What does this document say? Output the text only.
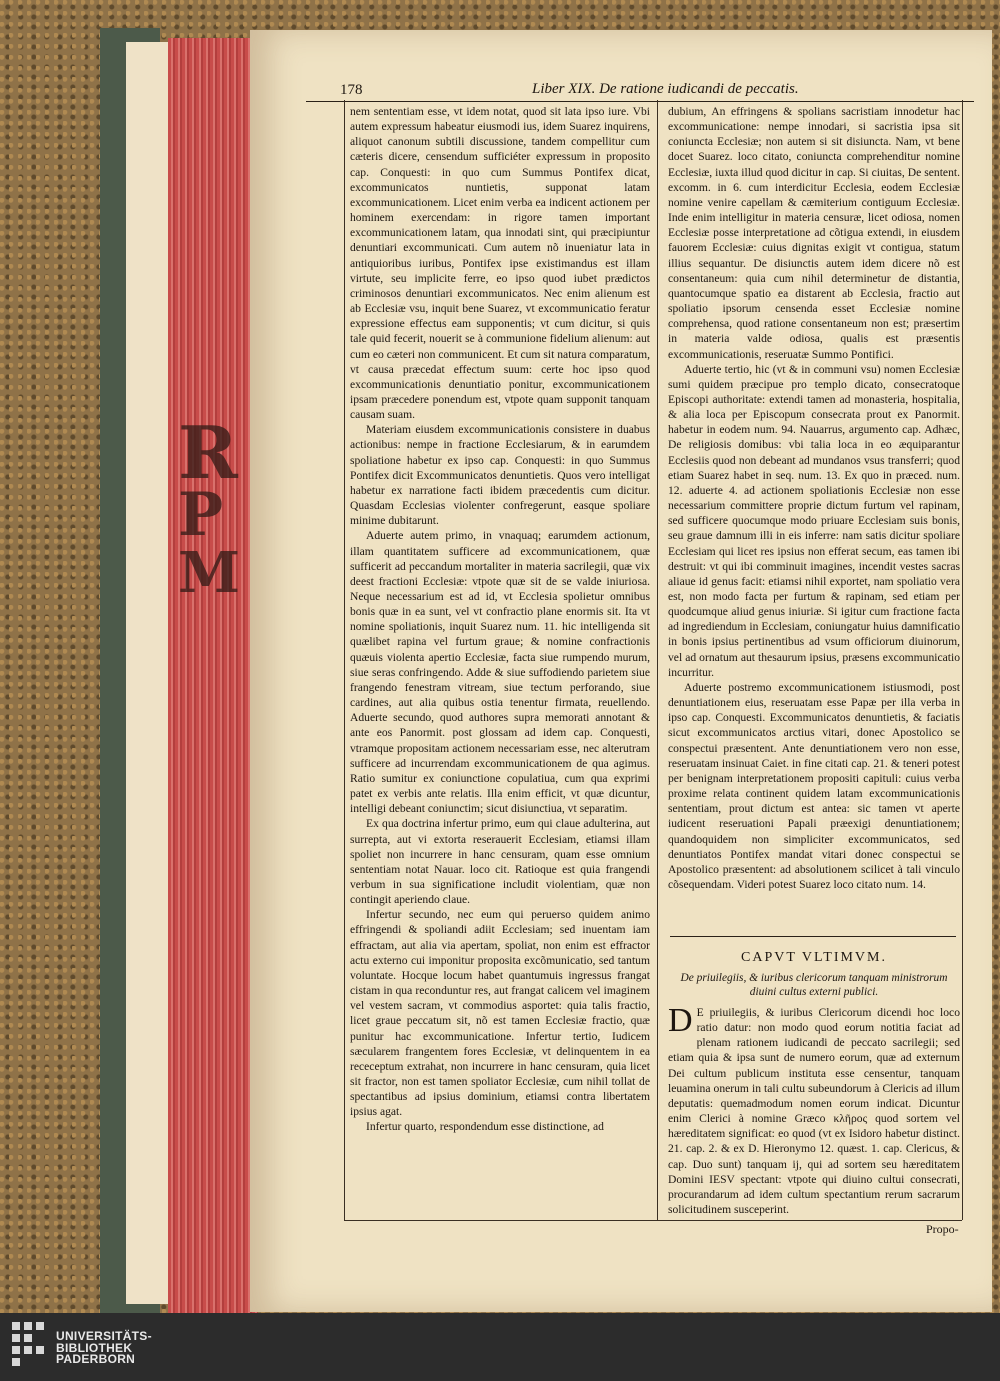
R
P
M
178	Liber XIX. De ratione iudicandi de peccatis.

nem sententiam esse, vt idem notat, quod sit lata ipso iure. Vbi autem expressum habeatur eiusmodi ius, idem Suarez inquirens, aliquot canonum subtili discussione, tandem compellitur cum cæteris dicere, censendum sufficiéter expressum in proposito cap. Conquesti: in quo cum Summus Pontifex dicat, excommunicatos nuntietis, supponat latam excommunicationem. Licet enim verba ea indicent actionem per hominem exercendam: in rigore tamen important excommunicationem latam, qua innodati sint, qui præcipiuntur denuntiari excommunicati. Cum autem nõ inueniatur lata in antiquioribus iuribus, Pontifex ipse existimandus est illam virtute, seu implicite ferre, eo ipso quod iubet prædictos criminosos denuntiari excommunicatos. Nec enim alienum est ab Ecclesiæ vsu, inquit bene Suarez, vt excommunicatio feratur expressione effectus eam supponentis; vt cum dicitur, si quis tale quid fecerit, nouerit se à communione fidelium alienum: aut cum eo cæteri non communicent. Et cum sit natura comparatum, vt causa præcedat effectum suum: certe hoc ipso quod excommunicationis denuntiatio ponitur, excommunicationem ipsam præcedere ponendum est, vtpote quam supponit tanquam causam suam.

Materiam eiusdem excommunicationis consistere in duabus actionibus: nempe in fractione Ecclesiarum, & in earumdem spoliatione habetur ex ipso cap. Conquesti: in quo Summus Pontifex dicit Excommunicatos denuntietis. Quos vero intelligat habetur ex narratione facti ibidem præcedentis cum dicitur. Quasdam Ecclesias violenter confregerunt, easque spoliare minime dubitarunt.

Aduerte autem primo, in vnaquaq; earumdem actionum, illam quantitatem sufficere ad excommunicationem, quæ sufficerit ad peccandum mortaliter in materia sacrilegii, quæ vix deest fractioni Ecclesiæ: vtpote quæ sit de se valde iniuriosa. Neque necessarium est ad id, vt Ecclesia spolietur omnibus bonis quæ in ea sunt, vel vt confractio plane enormis sit. Ita vt nomine spoliationis, inquit Suarez num. 11. hic intelligenda sit quælibet rapina vel furtum graue; & nomine confractionis quæuis violenta apertio Ecclesiæ, facta siue rumpendo murum, siue seras confringendo. Adde & siue suffodiendo parietem siue frangendo fenestram vitream, siue tectum perforando, siue cardines, aut alia quibus ostia tenentur firmata, reuellendo. Aduerte secundo, quod authores supra memorati annotant & ante eos Panormit. post glossam ad idem cap. Conquesti, vtramque propositam actionem necessariam esse, nec alterutram sufficere ad incurrendam excommunicationem de qua agimus. Ratio sumitur ex coniunctione copulatiua, cum qua exprimi patet ex verbis ante relatis. Illa enim efficit, vt quæ dicuntur, intelligi debeant coniunctim; sicut disiunctiua, vt separatim.

Ex qua doctrina infertur primo, eum qui claue adulterina, aut surrepta, aut vi extorta reserauerit Ecclesiam, etiamsi illam spoliet non incurrere in hanc censuram, quam esse omnium sententiam notat Nauar. loco cit. Ratioque est quia frangendi verbum in sua significatione includit violentiam, quæ non contingit aperiendo claue.

Infertur secundo, nec eum qui peruerso quidem animo effringendi & spoliandi adiit Ecclesiam; sed inuentam iam effractam, aut alia via apertam, spoliat, non enim est effractor actu externo cui imponitur proposita excõmunicatio, sed tantum voluntate. Hocque locum habet quantumuis ingressus frangat cistam in qua reconduntur res, aut frangat calicem vel imaginem vel vestem sacram, vt commodius asportet: quia talis fractio, licet graue peccatum sit, nõ est tamen Ecclesiæ fractio, quæ punitur hac excommunicatione. Infertur tertio, Iudicem sæcularem frangentem fores Ecclesiæ, vt delinquentem in ea receceptum extrahat, non incurrere in hanc censuram, quia licet sit fractor, non est tamen spoliator Ecclesiæ, cum nihil tollat de spectantibus ad ipsius dominium, etiamsi contra libertatem ipsius agat.

Infertur quarto, respondendum esse distinctione, ad

dubium, An effringens & spolians sacristiam innodetur hac excommunicatione: nempe innodari, si sacristia ipsa sit coniuncta Ecclesiæ; non autem si sit disiuncta. Nam, vt bene docet Suarez. loco citato, coniuncta comprehenditur nomine Ecclesiæ, iuxta illud quod dicitur in cap. Si ciuitas, De sentent. excomm. in 6. cum interdicitur Ecclesia, eodem Ecclesiæ nomine venire capellam & cæmiterium contiguum Ecclesiæ. Inde enim intelligitur in materia censuræ, licet odiosa, nomen Ecclesiæ posse interpretatione ad cõtigua extendi, in eiusdem fauorem Ecclesiæ: cuius dignitas exigit vt contigua, statum illius sequantur. De disiunctis autem idem dicere nõ est consentaneum: quia cum nihil determinetur de distantia, quantocumque spatio ea distarent ab Ecclesia, fractio aut spoliatio ipsorum censenda esset Ecclesiæ nomine comprehensa, quod ratione consentaneum non est; præsertim in materia valde odiosa, qualis est præsentis excommunicationis, reseruatæ Summo Pontifici.

Aduerte tertio, hic (vt & in communi vsu) nomen Ecclesiæ sumi quidem præcipue pro templo dicato, consecratoque Episcopi authoritate: extendi tamen ad monasteria, hospitalia, & alia loca per Episcopum consecrata prout ex Panormit. habetur in eodem num. 94. Nauarrus, argumento cap. Adhæc, De religiosis domibus: vbi talia loca in eo æquiparantur Ecclesiis quod non debeant ad mundanos vsus transferri; quod etiam Suarez habet in seq. num. 13. Ex quo in præced. num. 12. aduerte 4. ad actionem spoliationis Ecclesiæ non esse necessarium committere proprie dictum furtum vel rapinam, sed sufficere quocumque modo priuare Ecclesiam suis bonis, seu graue damnum illi in eis inferre: nam satis dicitur spoliare Ecclesiam qui licet res ipsius non efferat secum, eas tamen ibi destruit: vt qui ibi comminuit imagines, incendit vestes sacras aliaue id genus facit: etiamsi nihil exportet, nam spoliatio vera est, non modo facta per furtum & rapinam, sed etiam per quodcumque aliud genus iniuriæ. Si igitur cum fractione facta ad ingrediendum in Ecclesiam, coniungatur huius damnificatio in bonis ipsius pertinentibus ad vsum officiorum diuinorum, vel ad ornatum aut thesaurum ipsius, præsens excommunicatio incurritur.

Aduerte postremo excommunicationem istiusmodi, post denuntiationem eius, reseruatam esse Papæ per illa verba in ipso cap. Conquesti. Excommunicatos denuntietis, & faciatis sicut excommunicatos arctius vitari, donec Apostolico se conspectui præsentent. Ante denuntiationem vero non esse, reseruatam insinuat Caiet. in fine citati cap. 21. & teneri potest per benignam interpretationem propositi capituli: cuius verba proxime relata continent quidem latam excommunicationis sententiam, prout dictum est antea: sic tamen vt aperte iudicent reseruationi Papali præexigi denuntiationem; quandoquidem non simpliciter excommunicatos, sed denuntiatos Pontifex mandat vitari donec conspectui se Apostolico præsentent: ad absolutionem scilicet à tali vinculo cõsequendam. Videri potest Suarez loco citato num. 14.

CAPVT VLTIMVM.
De priuilegiis, & iuribus clericorum tanquam ministrorum diuini cultus externi publici.
D E priuilegiis, & iuribus Clericorum dicendi hoc loco ratio datur: non modo quod eorum notitia faciat ad plenam rationem iudicandi de peccato sacrilegii; sed etiam quia & ipsa sunt de numero eorum, quæ ad externum Dei cultum publicum instituta esse censentur, tanquam leuamina onerum in tali cultu subeundorum à Clericis ad illum deputatis: quemadmodum nomen eorum indicat. Dicuntur enim Clerici à nomine Græco κλῆρος quod sortem vel hæreditatem significat: eo quod (vt ex Isidoro habetur distinct. 21. cap. 2. & ex D. Hieronymo 12. quæst. 1. cap. Clericus, & cap. Duo sunt) tanquam ij, qui ad sortem seu hæreditatem Domini IESV spectant: vtpote qui diuino cultui consecrati, procurandarum ad idem cultum spectantium rerum sacrarum solicitudinem susceperint.
Propo-
UNIVERSITÄTS-
BIBLIOTHEK
PADERBORN
